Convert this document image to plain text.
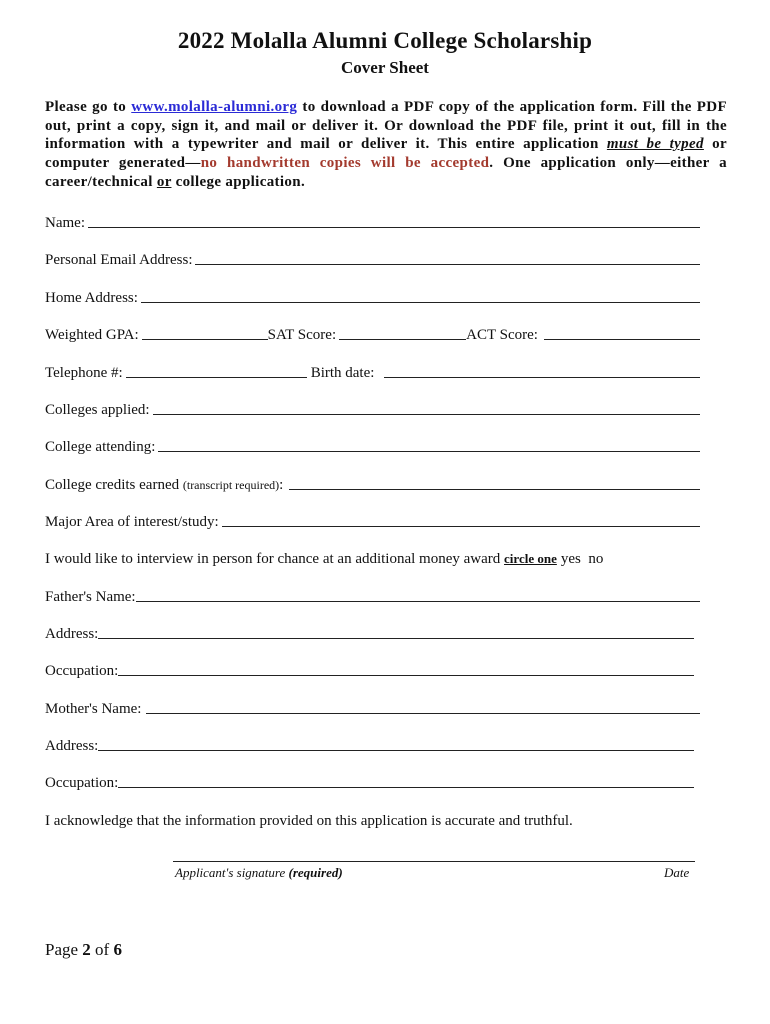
2022 Molalla Alumni College Scholarship
Cover Sheet
Please go to www.molalla-alumni.org to download a PDF copy of the application form. Fill the PDF out, print a copy, sign it, and mail or deliver it. Or download the PDF file, print it out, fill in the information with a typewriter and mail or deliver it. This entire application must be typed or computer generated—no handwritten copies will be accepted. One application only—either a career/technical or college application.
Name:
Personal Email Address:
Home Address:
Weighted GPA:	SAT Score:	ACT Score:
Telephone #:	Birth date:
Colleges applied:
College attending:
College credits earned (transcript required):
Major Area of interest/study:
I would like to interview in person for chance at an additional money award circle one yes no
Father's Name:
Address:
Occupation:
Mother's Name:
Address:
Occupation:
I acknowledge that the information provided on this application is accurate and truthful.
Applicant's signature (required)	Date
Page 2 of 6
